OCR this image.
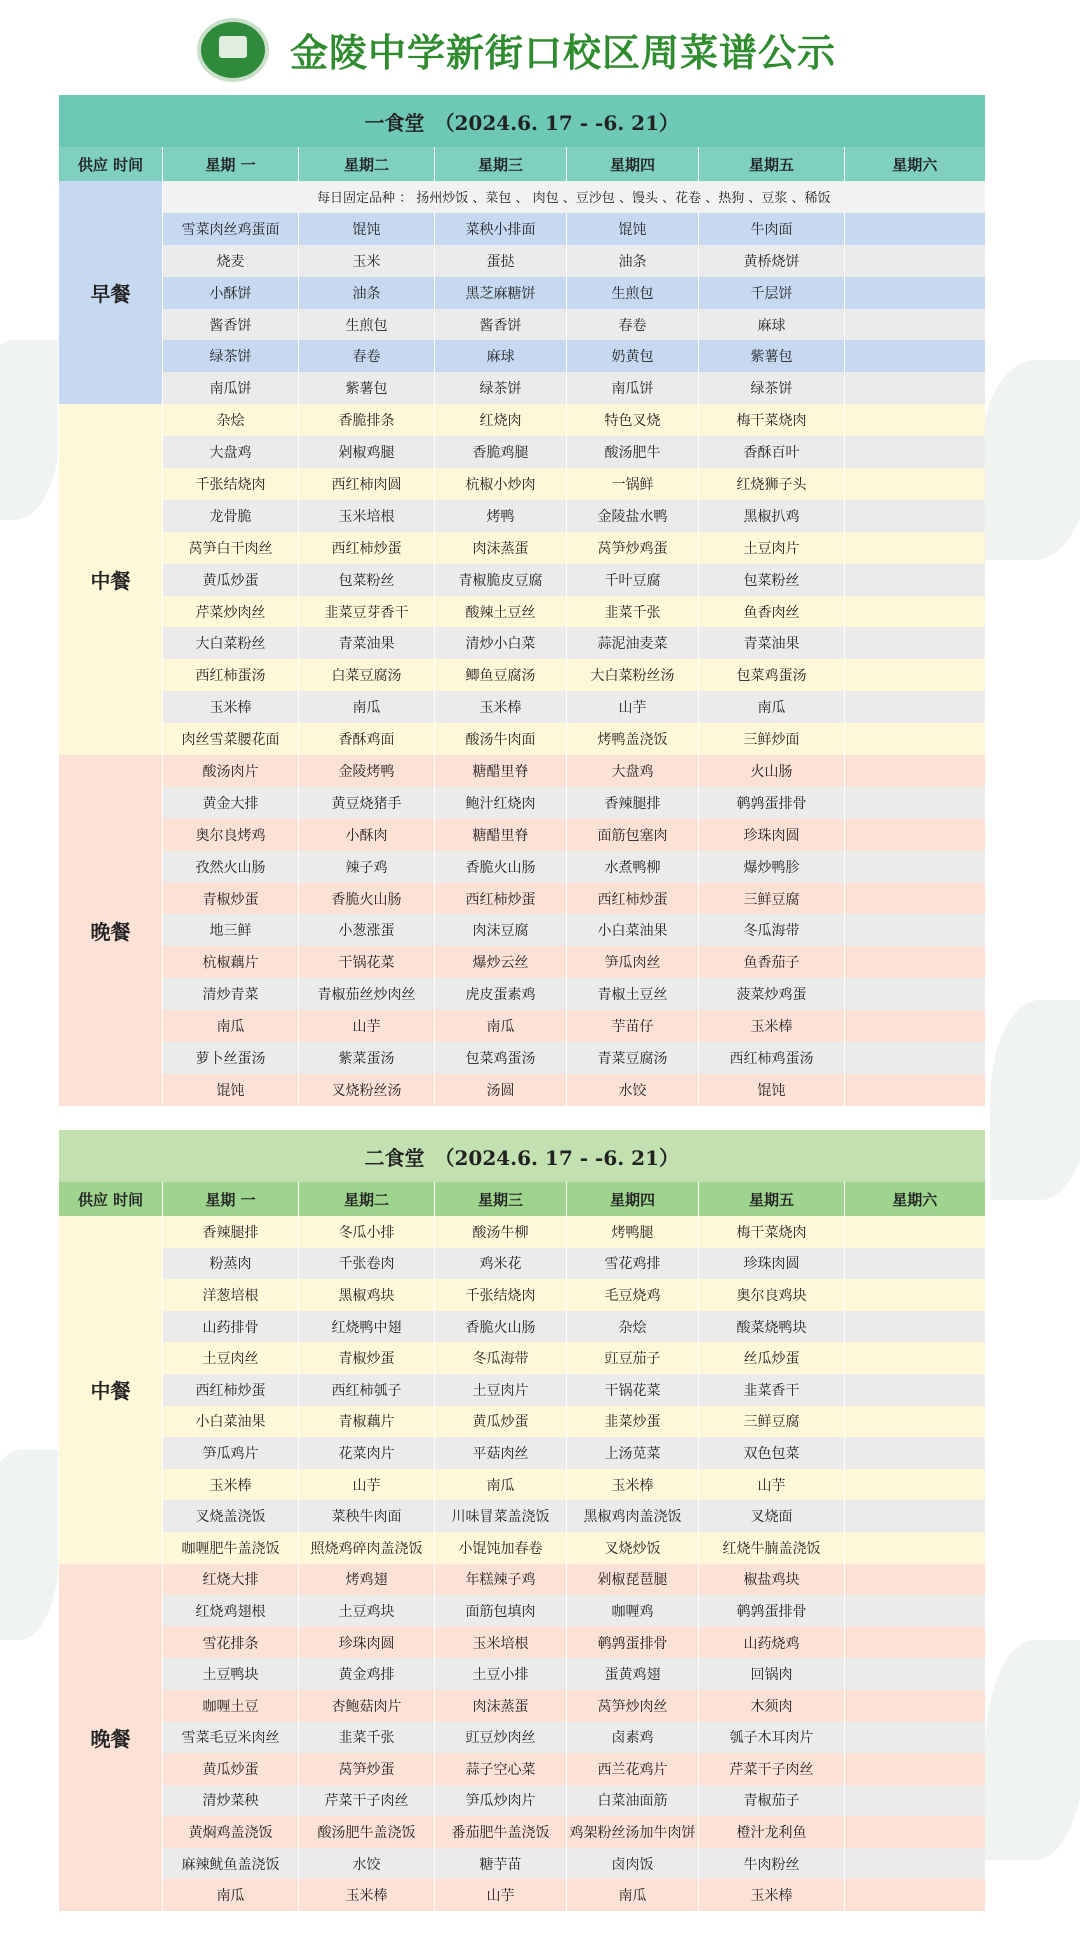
金陵中学新街口校区周菜谱公示
一食堂 （2024.6. 17 - -6. 21）						
供应 时间	星期 一	星期二	星期三	星期四	星期五	星期六
早餐	每日固定品种 ： 扬州炒饭 、菜包 、 肉包 、豆沙包 、馒头 、花卷 、热狗 、豆浆 、稀饭					
	雪菜肉丝鸡蛋面	馄饨	菜秧小排面	馄饨	牛肉面	
	烧麦	玉米	蛋挞	油条	黄桥烧饼	
	小酥饼	油条	黑芝麻糖饼	生煎包	千层饼	
	酱香饼	生煎包	酱香饼	春卷	麻球	
	绿茶饼	春卷	麻球	奶黄包	紫薯包	
	南瓜饼	紫薯包	绿茶饼	南瓜饼	绿茶饼	
中餐	杂烩	香脆排条	红烧肉	特色叉烧	梅干菜烧肉	
	大盘鸡	剁椒鸡腿	香脆鸡腿	酸汤肥牛	香酥百叶	
	千张结烧肉	西红柿肉圆	杭椒小炒肉	一锅鲜	红烧狮子头	
	龙骨脆	玉米培根	烤鸭	金陵盐水鸭	黑椒扒鸡	
	莴笋白干肉丝	西红柿炒蛋	肉沫蒸蛋	莴笋炒鸡蛋	土豆肉片	
	黄瓜炒蛋	包菜粉丝	青椒脆皮豆腐	千叶豆腐	包菜粉丝	
	芹菜炒肉丝	韭菜豆芽香干	酸辣土豆丝	韭菜千张	鱼香肉丝	
	大白菜粉丝	青菜油果	清炒小白菜	蒜泥油麦菜	青菜油果	
	西红柿蛋汤	白菜豆腐汤	鲫鱼豆腐汤	大白菜粉丝汤	包菜鸡蛋汤	
	玉米棒	南瓜	玉米棒	山芋	南瓜	
	肉丝雪菜腰花面	香酥鸡面	酸汤牛肉面	烤鸭盖浇饭	三鲜炒面	
晚餐	酸汤肉片	金陵烤鸭	糖醋里脊	大盘鸡	火山肠	
	黄金大排	黄豆烧猪手	鲍汁红烧肉	香辣腿排	鹌鹑蛋排骨	
	奥尔良烤鸡	小酥肉	糖醋里脊	面筋包塞肉	珍珠肉圆	
	孜然火山肠	辣子鸡	香脆火山肠	水煮鸭柳	爆炒鸭胗	
	青椒炒蛋	香脆火山肠	西红柿炒蛋	西红柿炒蛋	三鲜豆腐	
	地三鲜	小葱涨蛋	肉沫豆腐	小白菜油果	冬瓜海带	
	杭椒藕片	干锅花菜	爆炒云丝	笋瓜肉丝	鱼香茄子	
	清炒青菜	青椒茄丝炒肉丝	虎皮蛋素鸡	青椒土豆丝	菠菜炒鸡蛋	
	南瓜	山芋	南瓜	芋苗仔	玉米棒	
	萝卜丝蛋汤	紫菜蛋汤	包菜鸡蛋汤	青菜豆腐汤	西红柿鸡蛋汤	
	馄饨	叉烧粉丝汤	汤圆	水饺	馄饨	
二食堂 （2024.6. 17 - -6. 21）						
供应 时间	星期 一	星期二	星期三	星期四	星期五	星期六
中餐	香辣腿排	冬瓜小排	酸汤牛柳	烤鸭腿	梅干菜烧肉	
	粉蒸肉	千张卷肉	鸡米花	雪花鸡排	珍珠肉圆	
	洋葱培根	黑椒鸡块	千张结烧肉	毛豆烧鸡	奥尔良鸡块	
	山药排骨	红烧鸭中翅	香脆火山肠	杂烩	酸菜烧鸭块	
	土豆肉丝	青椒炒蛋	冬瓜海带	豇豆茄子	丝瓜炒蛋	
	西红柿炒蛋	西红柿瓠子	土豆肉片	干锅花菜	韭菜香干	
	小白菜油果	青椒藕片	黄瓜炒蛋	韭菜炒蛋	三鲜豆腐	
	笋瓜鸡片	花菜肉片	平菇肉丝	上汤苋菜	双色包菜	
	玉米棒	山芋	南瓜	玉米棒	山芋	
	叉烧盖浇饭	菜秧牛肉面	川味冒菜盖浇饭	黑椒鸡肉盖浇饭	叉烧面	
	咖喱肥牛盖浇饭	照烧鸡碎肉盖浇饭	小馄饨加春卷	叉烧炒饭	红烧牛腩盖浇饭	
晚餐	红烧大排	烤鸡翅	年糕辣子鸡	剁椒琵琶腿	椒盐鸡块	
	红烧鸡翅根	土豆鸡块	面筋包填肉	咖喱鸡	鹌鹑蛋排骨	
	雪花排条	珍珠肉圆	玉米培根	鹌鹑蛋排骨	山药烧鸡	
	土豆鸭块	黄金鸡排	土豆小排	蛋黄鸡翅	回锅肉	
	咖喱土豆	杏鲍菇肉片	肉沫蒸蛋	莴笋炒肉丝	木须肉	
	雪菜毛豆米肉丝	韭菜千张	豇豆炒肉丝	卤素鸡	瓠子木耳肉片	
	黄瓜炒蛋	莴笋炒蛋	蒜子空心菜	西兰花鸡片	芹菜干子肉丝	
	清炒菜秧	芹菜干子肉丝	笋瓜炒肉片	白菜油面筋	青椒茄子	
	黄焖鸡盖浇饭	酸汤肥牛盖浇饭	番茄肥牛盖浇饭	鸡架粉丝汤加牛肉饼	橙汁龙利鱼	
	麻辣鱿鱼盖浇饭	水饺	糖芋苗	卤肉饭	牛肉粉丝	
	南瓜	玉米棒	山芋	南瓜	玉米棒	
